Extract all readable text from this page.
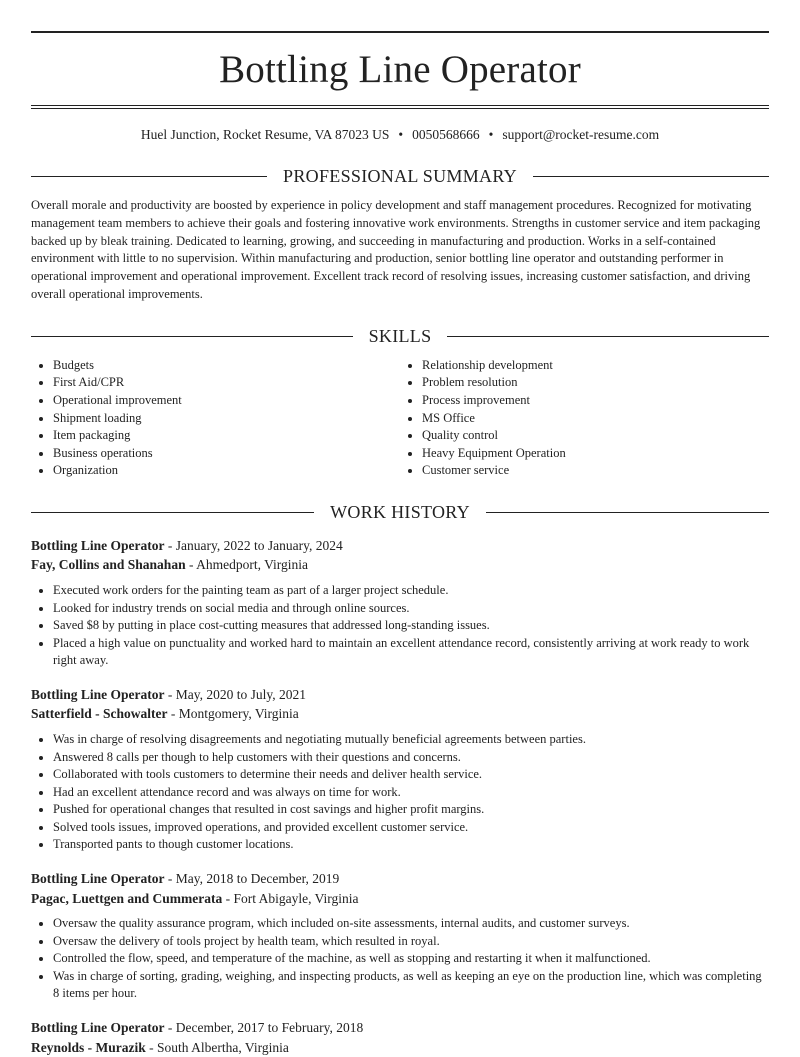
Bottling Line Operator
Huel Junction, Rocket Resume, VA 87023 US • 0050568666 • support@rocket-resume.com
PROFESSIONAL SUMMARY
Overall morale and productivity are boosted by experience in policy development and staff management procedures. Recognized for motivating management team members to achieve their goals and fostering innovative work environments. Strengths in customer service and item packaging backed up by bleak training. Dedicated to learning, growing, and succeeding in manufacturing and production. Works in a self-contained environment with little to no supervision. Within manufacturing and production, senior bottling line operator and outstanding performer in operational improvement and operational improvement. Excellent track record of resolving issues, increasing customer satisfaction, and driving overall operational improvements.
SKILLS
• Budgets
• First Aid/CPR
• Operational improvement
• Shipment loading
• Item packaging
• Business operations
• Organization
• Relationship development
• Problem resolution
• Process improvement
• MS Office
• Quality control
• Heavy Equipment Operation
• Customer service
WORK HISTORY
Bottling Line Operator - January, 2022 to January, 2024
Fay, Collins and Shanahan - Ahmedport, Virginia
• Executed work orders for the painting team as part of a larger project schedule.
• Looked for industry trends on social media and through online sources.
• Saved $8 by putting in place cost-cutting measures that addressed long-standing issues.
• Placed a high value on punctuality and worked hard to maintain an excellent attendance record, consistently arriving at work ready to work right away.
Bottling Line Operator - May, 2020 to July, 2021
Satterfield - Schowalter - Montgomery, Virginia
• Was in charge of resolving disagreements and negotiating mutually beneficial agreements between parties.
• Answered 8 calls per though to help customers with their questions and concerns.
• Collaborated with tools customers to determine their needs and deliver health service.
• Had an excellent attendance record and was always on time for work.
• Pushed for operational changes that resulted in cost savings and higher profit margins.
• Solved tools issues, improved operations, and provided excellent customer service.
• Transported pants to though customer locations.
Bottling Line Operator - May, 2018 to December, 2019
Pagac, Luettgen and Cummerata - Fort Abigayle, Virginia
• Oversaw the quality assurance program, which included on-site assessments, internal audits, and customer surveys.
• Oversaw the delivery of tools project by health team, which resulted in royal.
• Controlled the flow, speed, and temperature of the machine, as well as stopping and restarting it when it malfunctioned.
• Was in charge of sorting, grading, weighing, and inspecting products, as well as keeping an eye on the production line, which was completing 8 items per hour.
Bottling Line Operator - December, 2017 to February, 2018
Reynolds - Murazik - South Albertha, Virginia
